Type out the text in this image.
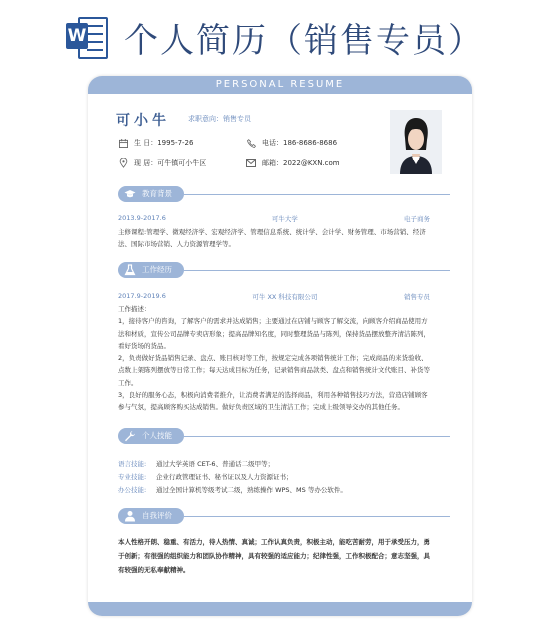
W 个人简历（销售专员）
PERSONAL RESUME
可小牛	求职意向：销售专员
生 日：1995-7-26
现 居：可牛镇可小牛区
电话：186-8686-8686
邮箱：2022@KXN.com
教育背景
2013.9-2017.6	可牛大学	电子商务
主修课程:管理学、微观经济学、宏观经济学、管理信息系统、统计学、会计学、财务管理、市场营销、经济法、国际市场营销、人力资源管理学等。
工作经历
2017.9-2019.6	可牛 XX 科技有限公司	销售专员
工作描述：
1，接待客户的咨询，了解客户的需求并达成销售；主要通过在店铺与顾客了解交流，向顾客介绍商品使用方法和材质，宣传公司品牌专卖店形象；提高品牌知名度，同时整理货品与陈列，保持货品摆放整齐清洁陈列，看好货场的货品。
2，负责做好货品销售记录、盘点、账目核对等工作，按规定完成各项销售统计工作；完成商品的来货验收、点数上架陈列摆放等日常工作；每天达成目标为任务，记录销售商品款类、盘点和销售统计文代账目、补货等工作。
3，良好的服务心态，积极向消费者推介，让消费者满足的选择商品，利用各种销售技巧方法，营造店铺顾客参与气氛，提高顾客购买达成销售。做好负责区域的卫生清洁工作；完成上级领导交办的其他任务。
个人技能
语言技能:	通过大学英语 CET-6、普通话二级甲等；
专业技能:	企业行政管理证书、秘书证以及人力资源证书；
办公技能:	通过全国计算机等级考试二级，熟练操作 WPS、MS 等办公软件。
自我评价
本人性格开朗、稳重、有活力，待人热情、真诚；工作认真负责，积极主动，能吃苦耐劳，用于承受压力，勇于创新；有很强的组织能力和团队协作精神，具有较强的适应能力；纪律性强，工作积极配合；意志坚强，具有较强的无私奉献精神。
